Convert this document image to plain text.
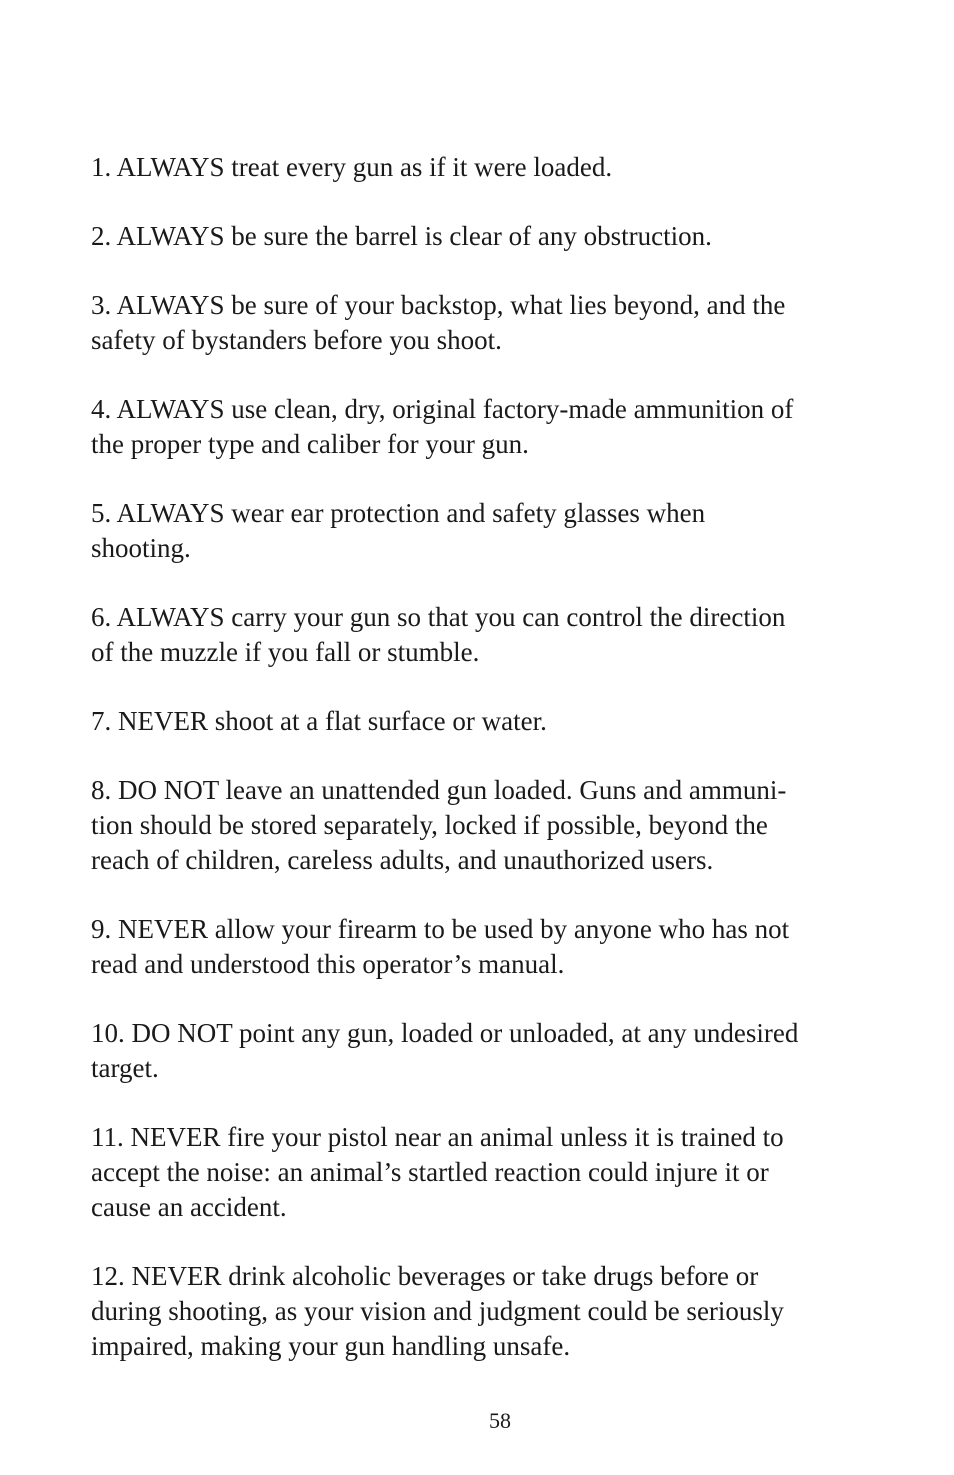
1. ALWAYS treat every gun as if it were loaded.
2. ALWAYS be sure the barrel is clear of any obstruction.
3. ALWAYS be sure of your backstop, what lies beyond, and the
safety of bystanders before you shoot.
4. ALWAYS use clean, dry, original factory-made ammunition of
the proper type and caliber for your gun.
5. ALWAYS wear ear protection and safety glasses when
shooting.
6. ALWAYS carry your gun so that you can control the direction
of the muzzle if you fall or stumble.
7. NEVER shoot at a flat surface or water.
8. DO NOT leave an unattended gun loaded. Guns and ammuni-
tion should be stored separately, locked if possible, beyond the
reach of children, careless adults, and unauthorized users.
9. NEVER allow your firearm to be used by anyone who has not
read and understood this operator’s manual.
10. DO NOT point any gun, loaded or unloaded, at any undesired
target.
11. NEVER fire your pistol near an animal unless it is trained to
accept the noise: an animal’s startled reaction could injure it or
cause an accident.
12. NEVER drink alcoholic beverages or take drugs before or
during shooting, as your vision and judgment could be seriously
impaired, making your gun handling unsafe.
58
